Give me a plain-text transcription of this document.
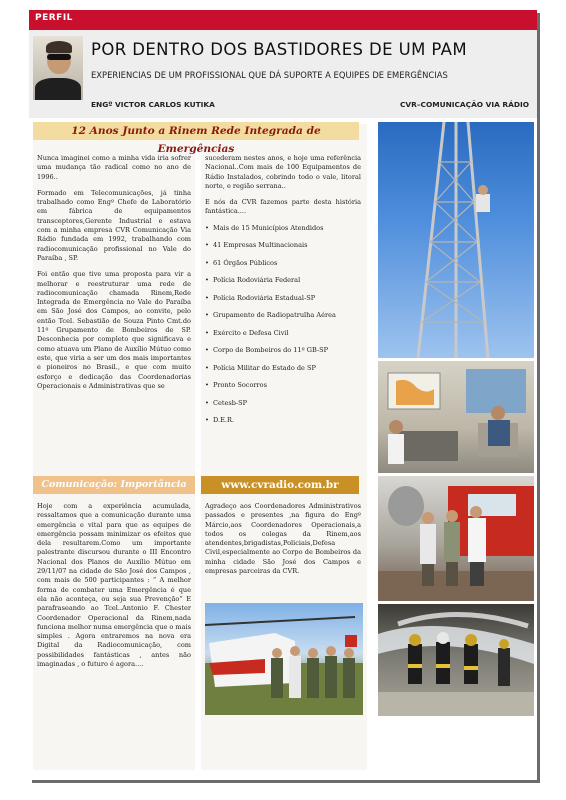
PERFIL
POR DENTRO DOS BASTIDORES DE UM PAM
EXPERIENCIAS DE UM PROFISSIONAL QUE DÁ SUPORTE A EQUIPES DE EMERGÊNCIAS
ENGº VICTOR CARLOS KUTIKA	CVR–COMUNICAÇÃO VIA RÁDIO
12 Anos Junto a Rinem Rede Integrada de Emergências

Nunca imaginei como a minha vida iria sofrer uma mudança tão radical como no ano de 1996..

Formado em Telecomunicações, já tinha trabalhado como Engº Chefe de Laboratório em fábrica de equipamentos transceptores,Gerente Industrial e estava com a minha empresa CVR Comunicação Via Rádio fundada em 1992, trabalhando com radiocomunicação profissional no Vale do Paraíba , SP.

Foi então que tive uma proposta para vir a melhorar e reestruturar uma rede de radiocomunicação chamada Rinem,Rede Integrada de Emergência no Vale do Paraíba em São José dos Campos, ao convite, pelo então Tcel. Sebastião de Souza Pinto Cmt.do 11º Grupamento de Bombeiros de SP. Desconhecia por completo que significava e como atuava um Plano de Auxílio Mútuo como este, que viria a ser um dos mais importantes e pioneiros no Brasil., e que com muito esforço e dedicação das Coordenadorias Operacionais e Administrativas que se

sucederam nestes anos, e hoje uma referência Nacional..Com mais de 100 Equipamentos de Rádio Instalados, cobrindo todo o vale, litoral norte, e região serrana..

E nós da CVR fazemos parte desta história fantástica....

• Mais de 15 Municípios Atendidos
• 41 Empresas Multinacionais
• 61 Órgãos Públicos
• Polícia Rodoviária Federal
• Polícia Rodoviária Estadual-SP
• Grupamento de Radiopatrulha Aérea
• Exército e Defesa Civil
• Corpo de Bombeiros do 11º GB-SP
• Polícia Militar do Estado de SP
• Pronto Socorros
• Cetesb-SP
• D.E.R.
Comunicação: Importância	www.cvradio.com.br

Hoje com a experiência acumulada, ressaltamos que a comunicação durante uma emergência e vital para que as equipes de emergência possam minimizar os efeitos que dela resultarem.Como um importante palestrante discursou durante o III Encontro Nacional dos Planos de Auxílio Mútuo em 29/11/07 na cidade de São José dos Campos , com mais de 500 participantes : “ A melhor forma de combater uma Emergência é que ela não aconteça, ou seja sua Prevenção” E parafraseando ao Tcel..Antonio F. Chester Coordenador Operacional da Rinem,nada funciona melhor numa emergência que o mais simples . Agora entraremos na nova era Digital da Radiocomunicação, com possibilidades fantásticas , antes não imaginadas , o futuro é agora....

Agradeço aos Coordenadores Administrativos passados e presentes ,na figura do Engº Márcio,aos Coordenadores Operacionais,a todos os colegas da Rinem,aos atendentes,brigadistas,Policiais,Defesa Civil,especialmente ao Corpo de Bombeiros da minha cidade São José dos Campos e empresas parceiras da CVR.
